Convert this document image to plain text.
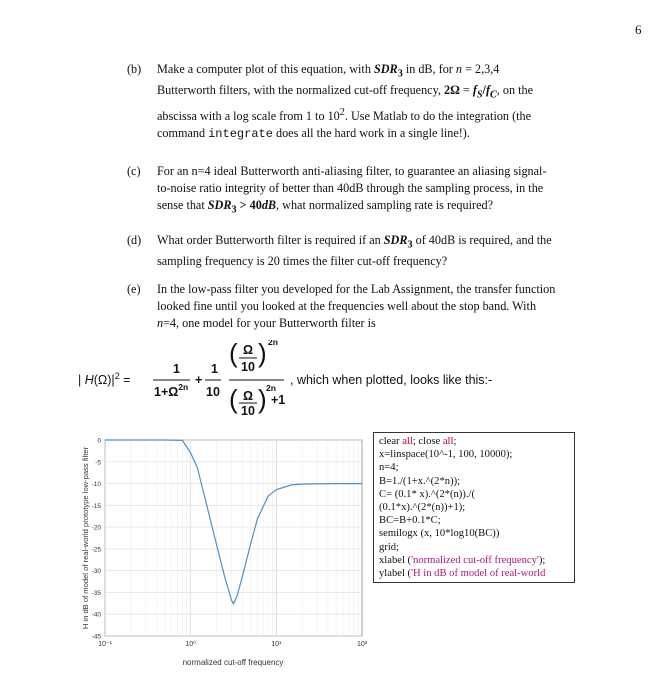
6
(b)	Make a computer plot of this equation, with $SDR_3$ in dB, for n = 2,3,4
Butterworth filters, with the normalized cut-off frequency, $2\Omega = f_S/f_C$, on the
abscissa with a log scale from 1 to $10^2$. Use Matlab to do the integration (the
command integrate does all the hard work in a single line!).
(c)	For an n=4 ideal Butterworth anti-aliasing filter, to guarantee an aliasing signal-
to-noise ratio integrity of better than 40dB through the sampling process, in the
sense that $SDR_3 > 40dB$, what normalized sampling rate is required?
(d)	What order Butterworth filter is required if an $SDR_3$ of 40dB is required, and the
sampling frequency is 20 times the filter cut-off frequency?
(e)	In the low-pass filter you developed for the Lab Assignment, the transfer function
looked fine until you looked at the frequencies well about the stop band. With
n=4, one model for your Butterworth filter is
| $H(\Omega)|^2$ =
1
$1+\Omega^{2n}$ +
1
10
( Ω
10 ) 2n
( Ω
10 ) 2n
+1
, which when plotted, looks like this:-
0
-5
-10
-15
-20
-25
-30
-35
-40
-45
10⁻¹	10⁰	10¹	10²
normalized cut-off frequency
H in dB of model of real-world prototype low-pass filter
clear all; close all;
x=linspace(10^-1, 100, 10000);
n=4;
B=1./(1+x.^(2*n));
C= (0.1* x).^(2*(n))./(
(0.1*x).^(2*(n))+1);
BC=B+0.1*C;
semilogx (x, 10*log10(BC))
grid;
xlabel ('normalized cut-off frequency');
ylabel ('H in dB of model of real-world
